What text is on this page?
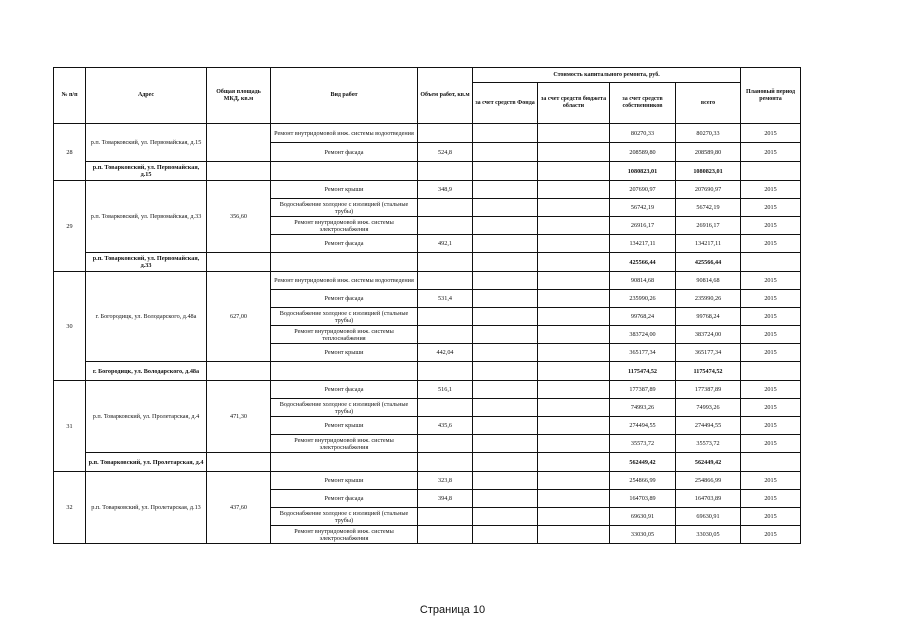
№ п/п	Адрес	Общая площадь МКД, кв.м	Вид работ	Объем работ, кв.м	Стоимость капитального ремонта, руб.				Плановый период ремонта
					за счет средств Фонда	за счет средств бюджета области	за счет средств собственников	всего	
28	р.п. Товарковский, ул. Первомайская, д.15		Ремонт внутридомовой инж. системы водоотведения				80270,33	80270,33	2015
			Ремонт фасада	524,8			208589,80	208589,80	2015
	р.п. Товарковский, ул. Первомайская, д.15						1080823,01	1080823,01	
29	р.п. Товарковский, ул. Первомайская, д.33	356,60	Ремонт крыши	348,9			207690,97	207690,97	2015
			Водоснабжение холодное с изоляцией (стальные трубы)				56742,19	56742,19	2015
			Ремонт внутридомовой инж. системы электроснабжения				26916,17	26916,17	2015
			Ремонт фасада	492,1			134217,11	134217,11	2015
	р.п. Товарковский, ул. Первомайская, д.33						425566,44	425566,44	
30	г. Богородицк, ул. Володарского, д.48а	627,00	Ремонт внутридомовой инж. системы водоотведения				90814,68	90814,68	2015
			Ремонт фасада	531,4			235990,26	235990,26	2015
			Водоснабжение холодное с изоляцией (стальные трубы)				99768,24	99768,24	2015
			Ремонт внутридомовой инж. системы теплоснабжения				383724,00	383724,00	2015
			Ремонт крыши	442,04			365177,34	365177,34	2015
	г. Богородицк, ул. Володарского, д.48а						1175474,52	1175474,52	
31	р.п. Товарковский, ул. Пролетарская, д.4	471,30	Ремонт фасада	516,1			177387,89	177387,89	2015
			Водоснабжение холодное с изоляцией (стальные трубы)				74993,26	74993,26	2015
			Ремонт крыши	435,6			274494,55	274494,55	2015
			Ремонт внутридомовой инж. системы электроснабжения				35573,72	35573,72	2015
	р.п. Товарковский, ул. Пролетарская, д.4						562449,42	562449,42	
32	р.п. Товарковский, ул. Пролетарская, д.13	437,60	Ремонт крыши	323,8			254866,99	254866,99	2015
			Ремонт фасада	394,8			164703,89	164703,89	2015
			Водоснабжение холодное с изоляцией (стальные трубы)				69630,91	69630,91	2015
			Ремонт внутридомовой инж. системы электроснабжения				33030,05	33030,05	2015
Страница 10
